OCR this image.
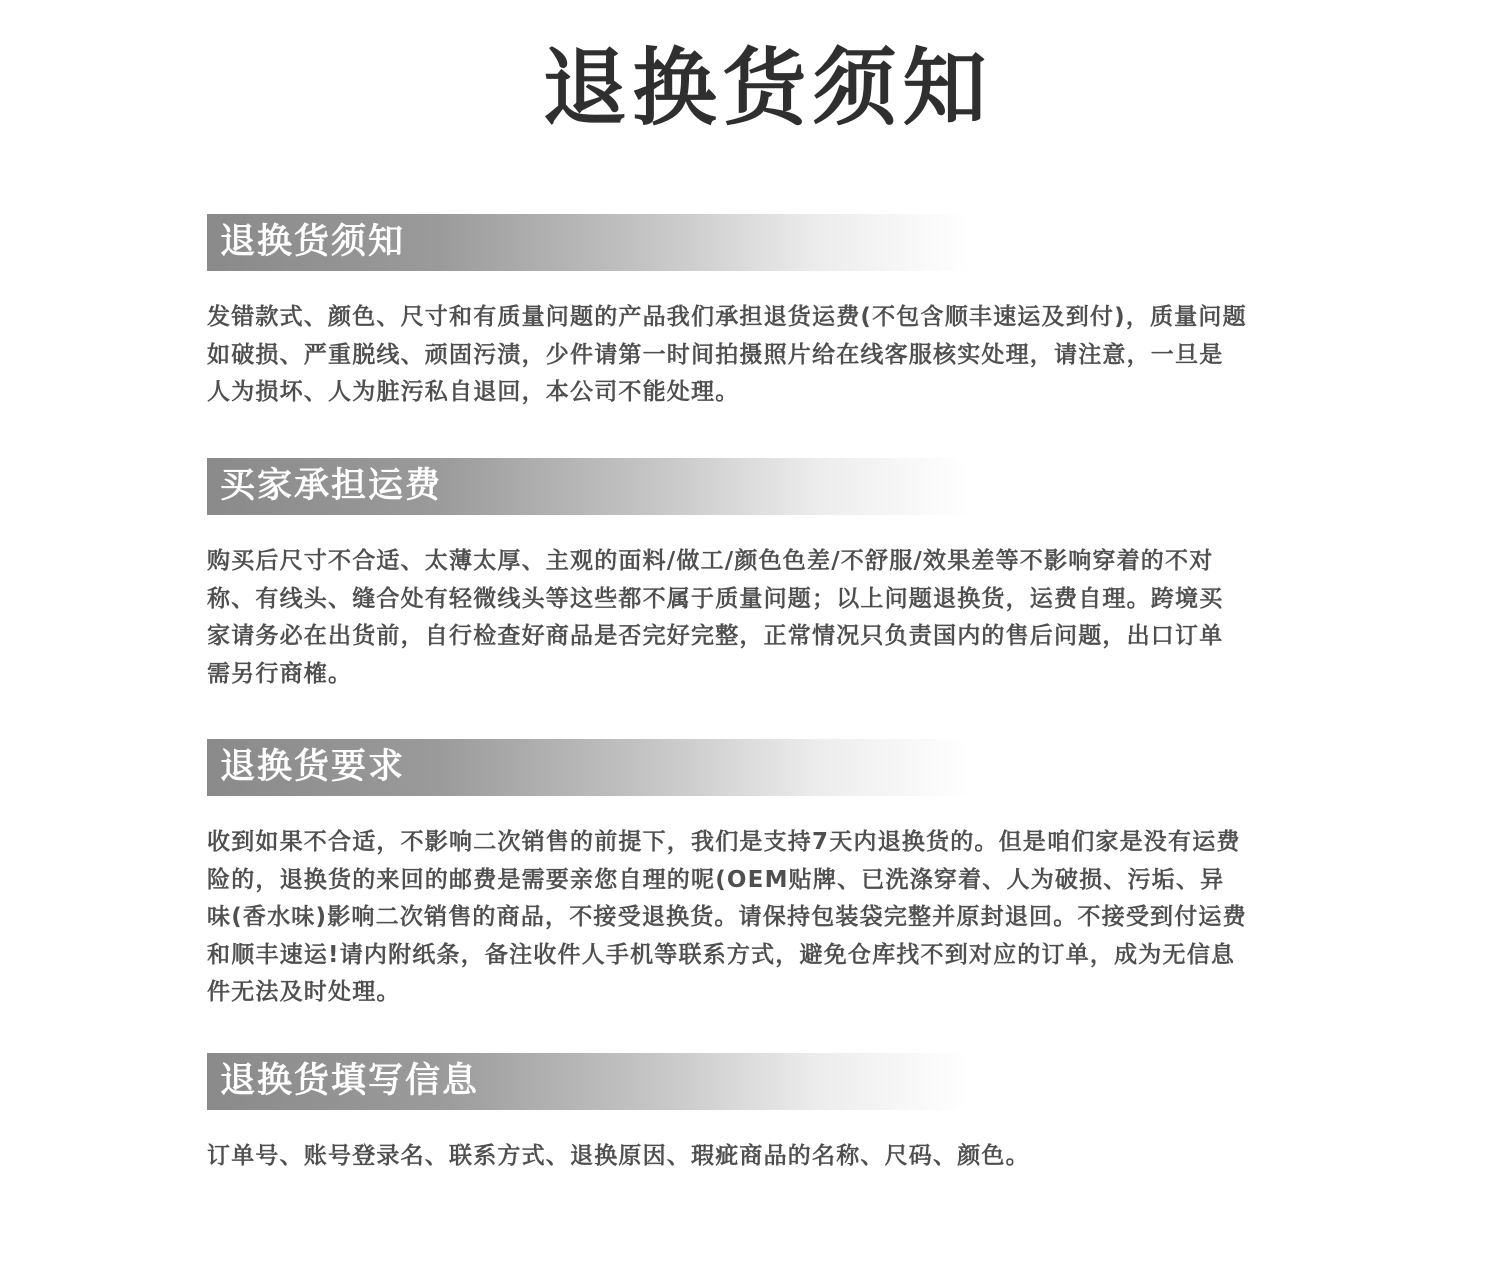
退换货须知
退换货须知

发错款式、颜色、尺寸和有质量问题的产品我们承担退货运费(不包含顺丰速运及到付)，质量问题如破损、严重脱线、顽固污渍，少件请第一时间拍摄照片给在线客服核实处理，请注意，一旦是人为损坏、人为脏污私自退回，本公司不能处理。

买家承担运费

购买后尺寸不合适、太薄太厚、主观的面料/做工/颜色色差/不舒服/效果差等不影响穿着的不对称、有线头、缝合处有轻微线头等这些都不属于质量问题；以上问题退换货，运费自理。跨境买家请务必在出货前，自行检查好商品是否完好完整，正常情况只负责国内的售后问题，出口订单需另行商榷。

退换货要求

收到如果不合适，不影响二次销售的前提下，我们是支持7天内退换货的。但是咱们家是没有运费险的，退换货的来回的邮费是需要亲您自理的呢(OEM贴牌、已洗涤穿着、人为破损、污垢、异味(香水味)影响二次销售的商品，不接受退换货。请保持包装袋完整并原封退回。不接受到付运费和顺丰速运!请内附纸条，备注收件人手机等联系方式，避免仓库找不到对应的订单，成为无信息件无法及时处理。

退换货填写信息

订单号、账号登录名、联系方式、退换原因、瑕疵商品的名称、尺码、颜色。
